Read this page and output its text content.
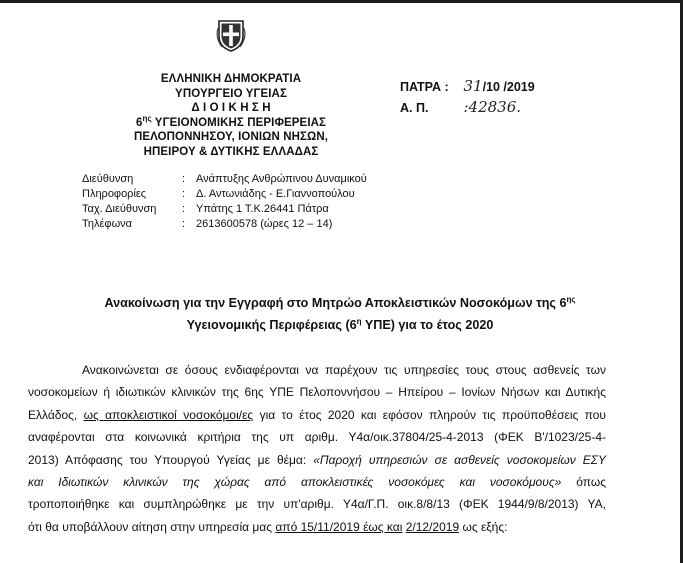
ΕΛΛΗΝΙΚΗ ΔΗΜΟΚΡΑΤΙΑ
ΥΠΟΥΡΓΕΙΟ ΥΓΕΙΑΣ
Δ Ι Ο Ι Κ Η Σ Η
$6^{\eta\varsigma}$ ΥΓΕΙΟΝΟΜΙΚΗΣ ΠΕΡΙΦΕΡΕΙΑΣ
ΠΕΛΟΠΟΝΝΗΣΟΥ, ΙΟΝΙΩΝ ΝΗΣΩΝ,
ΗΠΕΙΡΟΥ & ΔΥΤΙΚΗΣ ΕΛΛΑΔΑΣ
ΠΑΤΡΑ : 31/10 /2019
Α. Π. :42836.
Διεύθυνση	: Ανάπτυξης Ανθρώπινου Δυναμικού
Πληροφορίες	: Δ. Αντωνιάδης - Ε.Γιαννοπούλου
Ταχ. Διεύθυνση : Υπάτης 1 Τ.Κ.26441 Πάτρα
Τηλέφωνα	: 2613600578 (ώρες 12 – 14)
Ανακοίνωση για την Εγγραφή στο Μητρώο Αποκλειστικών Νοσοκόμων της $6^{\eta\varsigma}$
Υγειονομικής Περιφέρειας ($6^\eta$ ΥΠΕ) για το έτος 2020
Ανακοινώνεται σε όσους ενδιαφέρονται να παρέχουν τις υπηρεσίες τους στους ασθενείς των
νοσοκομείων ή ιδιωτικών κλινικών της 6ης ΥΠΕ Πελοποννήσου – Ηπείρου – Ιονίων Νήσων και Δυτικής
Ελλάδος, ως αποκλειστικοί νοσοκόμοι/ες για το έτος 2020 και εφόσον πληρούν τις προϋποθέσεις που
αναφέρονται στα κοινωνικά κριτήρια της υπ αριθμ. Υ4α/οικ.37804/25-4-2013 (ΦΕΚ Β'/1023/25-4-
2013) Απόφασης του Υπουργού Υγείας με θέμα: «Παροχή υπηρεσιών σε ασθενείς νοσοκομείων ΕΣΥ
και Ιδιωτικών κλινικών της χώρας από αποκλειστικές νοσοκόμες και νοσοκόμους» όπως
τροποποιήθηκε και συμπληρώθηκε με την υπ'αριθμ. Υ4α/Γ.Π. οικ.8/8/13 (ΦΕΚ 1944/9/8/2013) ΥΑ,
ότι θα υποβάλλουν αίτηση στην υπηρεσία μας από 15/11/2019 έως και 2/12/2019 ως εξής:
